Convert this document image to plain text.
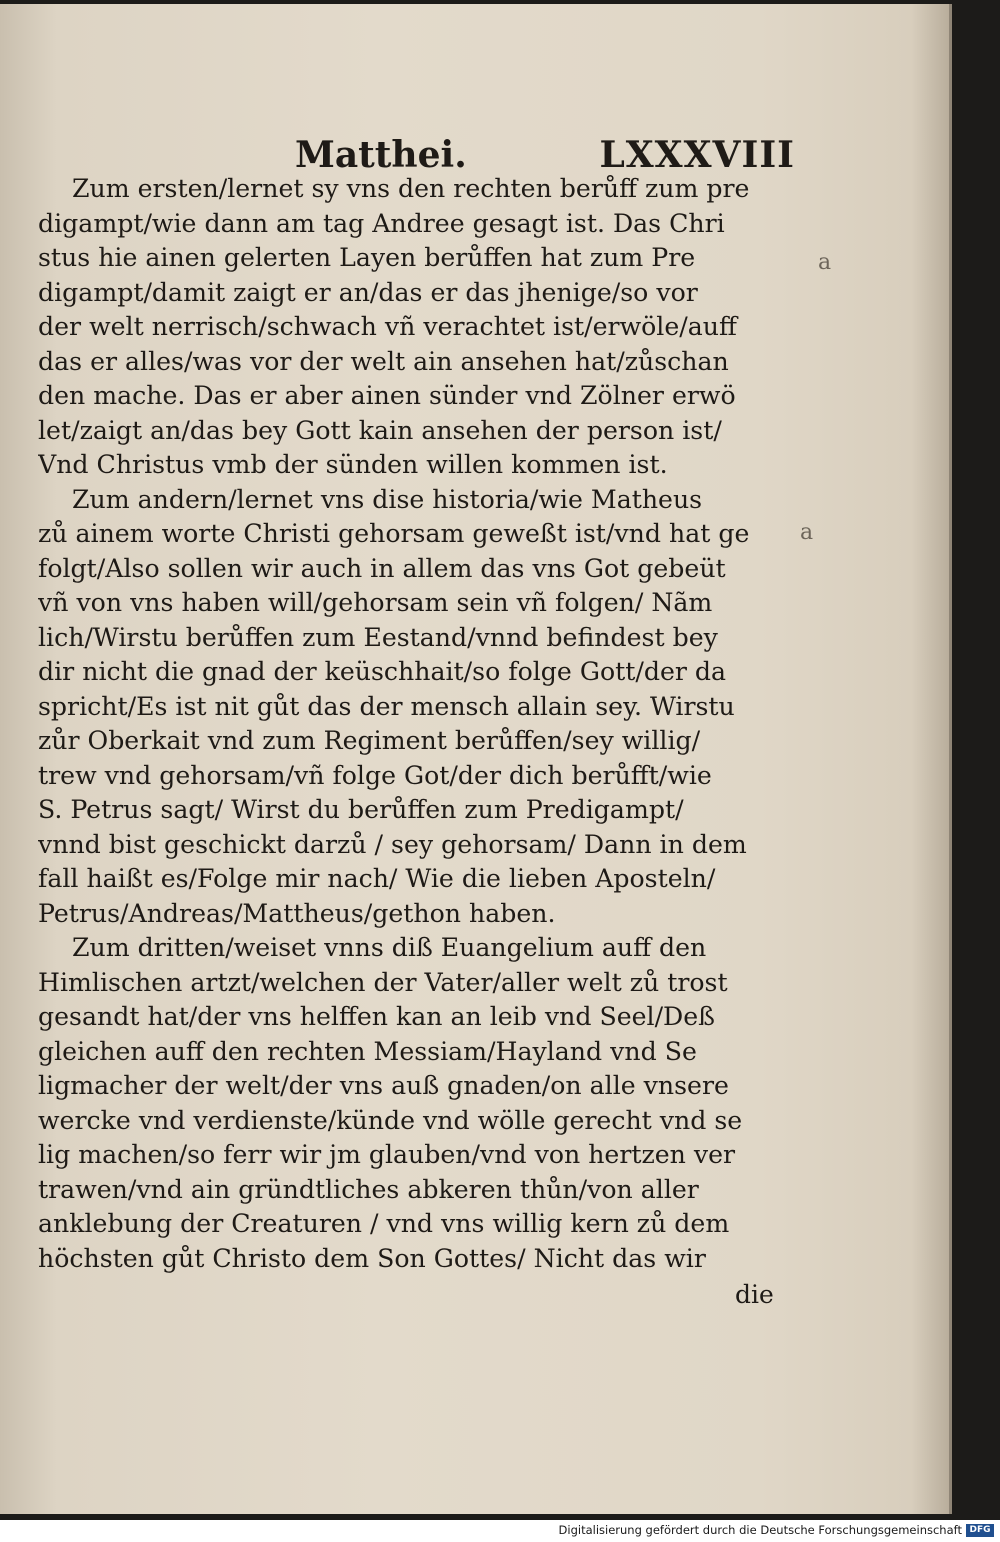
Matthei.	LXXXVIII
a
a
Zum ersten/lernet sy vns den rechten berůff zum pre
digampt/wie dann am tag Andree gesagt ist. Das Chri
stus hie ainen gelerten Layen berůffen hat zum Pre
digampt/damit zaigt er an/das er das jhenige/so vor
der welt nerrisch/schwach vñ verachtet ist/erwöle/auff
das er alles/was vor der welt ain ansehen hat/zůschan
den mache. Das er aber ainen sünder vnd Zölner erwö
let/zaigt an/das bey Gott kain ansehen der person ist/
Vnd Christus vmb der sünden willen kommen ist.
Zum andern/lernet vns dise historia/wie Matheus
zů ainem worte Christi gehorsam geweßt ist/vnd hat ge
folgt/Also sollen wir auch in allem das vns Got gebeüt
vñ von vns haben will/gehorsam sein vñ folgen/ Nãm
lich/Wirstu berůffen zum Eestand/vnnd befindest bey
dir nicht die gnad der keüschhait/so folge Gott/der da
spricht/Es ist nit gůt das der mensch allain sey. Wirstu
zůr Oberkait vnd zum Regiment berůffen/sey willig/
trew vnd gehorsam/vñ folge Got/der dich berůfft/wie
S. Petrus sagt/ Wirst du berůffen zum Predigampt/
vnnd bist geschickt darzů / sey gehorsam/ Dann in dem
fall haißt es/Folge mir nach/ Wie die lieben Aposteln/
Petrus/Andreas/Mattheus/gethon haben.
Zum dritten/weiset vnns diß Euangelium auff den
Himlischen artzt/welchen der Vater/aller welt zů trost
gesandt hat/der vns helffen kan an leib vnd Seel/Deß
gleichen auff den rechten Messiam/Hayland vnd Se
ligmacher der welt/der vns auß gnaden/on alle vnsere
wercke vnd verdienste/künde vnd wölle gerecht vnd se
lig machen/so ferr wir jm glauben/vnd von hertzen ver
trawen/vnd ain gründtliches abkeren thůn/von aller
anklebung der Creaturen / vnd vns willig kern zů dem
höchsten gůt Christo dem Son Gottes/ Nicht das wir
die
Digitalisierung gefördert durch die Deutsche Forschungsgemeinschaft DFG
